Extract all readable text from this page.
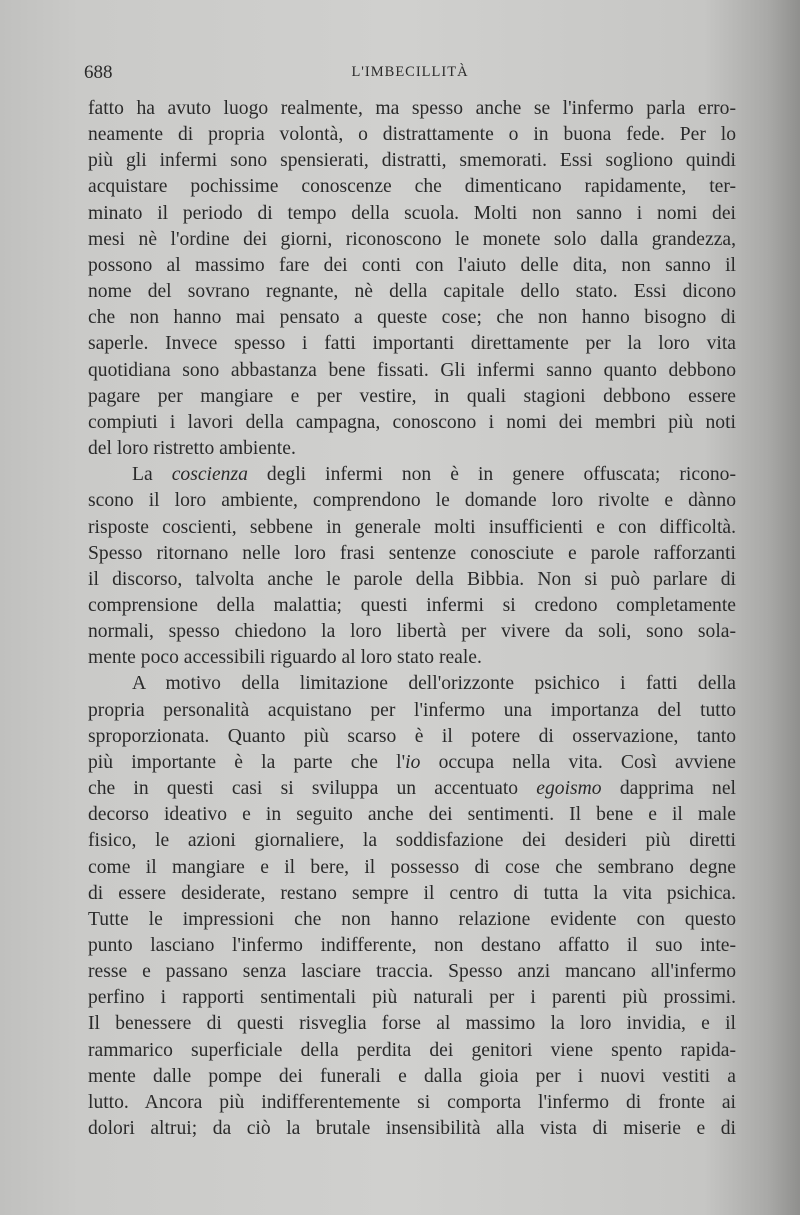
688	L'IMBECILLITÀ

fatto ha avuto luogo realmente, ma spesso anche se l'infermo parla erro-
neamente di propria volontà, o distrattamente o in buona fede. Per lo
più gli infermi sono spensierati, distratti, smemorati. Essi sogliono quindi
acquistare pochissime conoscenze che dimenticano rapidamente, ter-
minato il periodo di tempo della scuola. Molti non sanno i nomi dei
mesi nè l'ordine dei giorni, riconoscono le monete solo dalla grandezza,
possono al massimo fare dei conti con l'aiuto delle dita, non sanno il
nome del sovrano regnante, nè della capitale dello stato. Essi dicono
che non hanno mai pensato a queste cose; che non hanno bisogno di
saperle. Invece spesso i fatti importanti direttamente per la loro vita
quotidiana sono abbastanza bene fissati. Gli infermi sanno quanto debbono
pagare per mangiare e per vestire, in quali stagioni debbono essere
compiuti i lavori della campagna, conoscono i nomi dei membri più noti
del loro ristretto ambiente.

La coscienza degli infermi non è in genere offuscata; ricono-
scono il loro ambiente, comprendono le domande loro rivolte e dànno
risposte coscienti, sebbene in generale molti insufficienti e con difficoltà.
Spesso ritornano nelle loro frasi sentenze conosciute e parole rafforzanti
il discorso, talvolta anche le parole della Bibbia. Non si può parlare di
comprensione della malattia; questi infermi si credono completamente
normali, spesso chiedono la loro libertà per vivere da soli, sono sola-
mente poco accessibili riguardo al loro stato reale.

A motivo della limitazione dell'orizzonte psichico i fatti della
propria personalità acquistano per l'infermo una importanza del tutto
sproporzionata. Quanto più scarso è il potere di osservazione, tanto
più importante è la parte che l'io occupa nella vita. Così avviene
che in questi casi si sviluppa un accentuato egoismo dapprima nel
decorso ideativo e in seguito anche dei sentimenti. Il bene e il male
fisico, le azioni giornaliere, la soddisfazione dei desideri più diretti
come il mangiare e il bere, il possesso di cose che sembrano degne
di essere desiderate, restano sempre il centro di tutta la vita psichica.
Tutte le impressioni che non hanno relazione evidente con questo
punto lasciano l'infermo indifferente, non destano affatto il suo inte-
resse e passano senza lasciare traccia. Spesso anzi mancano all'infermo
perfino i rapporti sentimentali più naturali per i parenti più prossimi.
Il benessere di questi risveglia forse al massimo la loro invidia, e il
rammarico superficiale della perdita dei genitori viene spento rapida-
mente dalle pompe dei funerali e dalla gioia per i nuovi vestiti a
lutto. Ancora più indifferentemente si comporta l'infermo di fronte ai
dolori altrui; da ciò la brutale insensibilità alla vista di miserie e di
